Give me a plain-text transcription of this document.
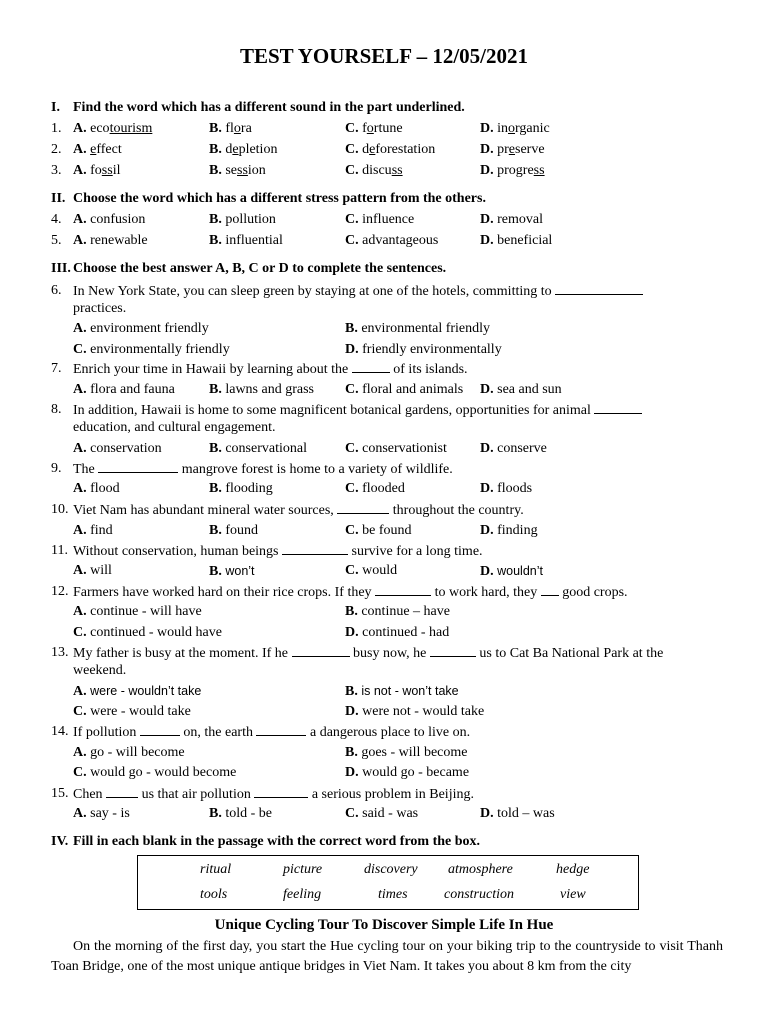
TEST YOURSELF – 12/05/2021
I. Find the word which has a different sound in the part underlined.
1. A. ecotourism	B. flora	C. fortune	D. inorganic
2. A. effect	B. depletion	C. deforestation	D. preserve
3. A. fossil	B. session	C. discuss	D. progress
II. Choose the word which has a different stress pattern from the others.
4. A. confusion	B. pollution	C. influence	D. removal
5. A. renewable	B. influential	C. advantageous	D. beneficial
III. Choose the best answer A, B, C or D to complete the sentences.
6. In New York State, you can sleep green by staying at one of the hotels, committing to
practices.
A. environment friendly	B. environmental friendly
C. environmentally friendly	D. friendly environmentally
7. Enrich your time in Hawaii by learning about the	of its islands.
A. flora and fauna B. lawns and grass C. floral and animals D. sea and sun
8. In addition, Hawaii is home to some magnificent botanical gardens, opportunities for animal
education, and cultural engagement.
A. conservation	B. conservational	C. conservationist D. conserve
9. The	mangrove forest is home to a variety of wildlife.
A. flood	B. flooding	C. flooded	D. floods
10. Viet Nam has abundant mineral water sources,	throughout the country.
A. find	B. found	C. be found	D. finding
11. Without conservation, human beings	survive for a long time.
A. will	B. won’t	C. would	D. wouldn’t
12. Farmers have worked hard on their rice crops. If they	to work hard, they good crops.
A. continue - will have	B. continue – have
C. continued - would have	D. continued - had
13. My father is busy at the moment. If he	busy now, he	us to Cat Ba National Park at the
weekend.
A. were - wouldn’t take	B. is not - won’t take
C. were - would take	D. were not - would take
14. If pollution	on, the earth	a dangerous place to live on.
A. go - will become	B. goes - will become
C. would go - would become	D. would go - became
15. Chen	us that air pollution	a serious problem in Beijing.
A. say - is	B. told - be	C. said - was	D. told – was
IV. Fill in each blank in the passage with the correct word from the box.
ritual	picture	discovery atmosphere	hedge
tools	feeling	times	construction	view
Unique Cycling Tour To Discover Simple Life In Hue
On the morning of the first day, you start the Hue cycling tour on your biking trip to the countryside to visit Thanh Toan Bridge, one of the most unique antique bridges in Viet Nam. It takes you about 8 km from the city
